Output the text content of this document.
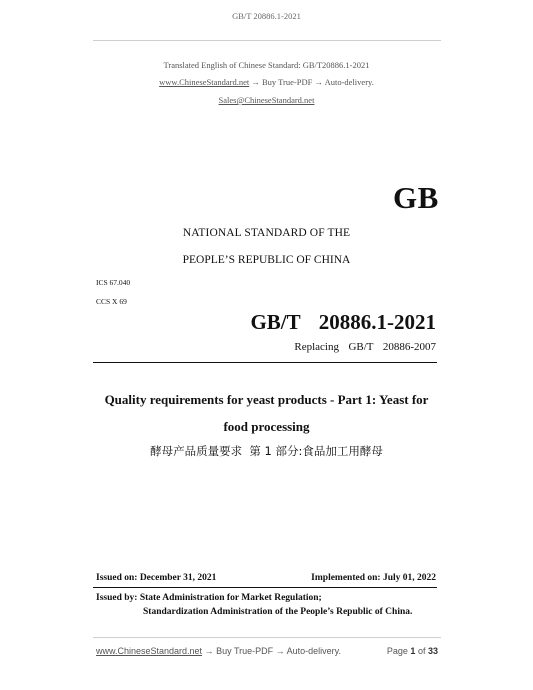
GB/T 20886.1-2021
Translated English of Chinese Standard: GB/T20886.1-2021
www.ChineseStandard.net → Buy True-PDF → Auto-delivery.
Sales@ChineseStandard.net
GB
NATIONAL STANDARD OF THE
PEOPLE’S REPUBLIC OF CHINA
ICS 67.040
CCS X 69
GB/T  20886.1-2021
Replacing  GB/T  20886-2007
Quality requirements for yeast products - Part 1: Yeast for
food processing
酵母产品质量要求  第 1 部分:食品加工用酵母
Issued on: December 31, 2021	Implemented on: July 01, 2022
Issued by: State Administration for Market Regulation;
Standardization Administration of the People’s Republic of China.
www.ChineseStandard.net → Buy True-PDF → Auto-delivery.	Page 1 of 33
